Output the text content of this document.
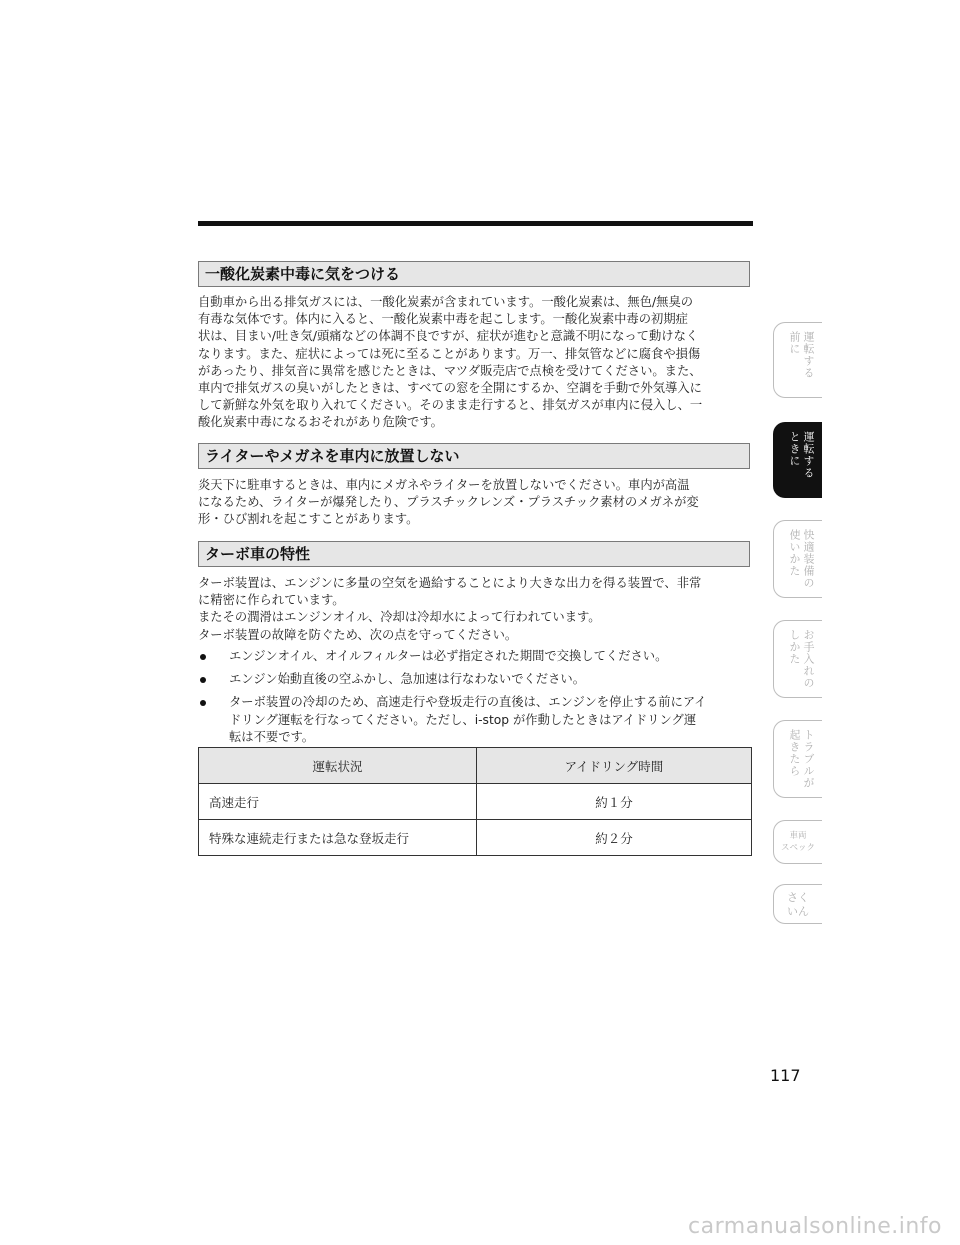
一酸化炭素中毒に気をつける

自動車から出る排気ガスには、一酸化炭素が含まれています。一酸化炭素は、無色/無臭の
有毒な気体です。体内に入ると、一酸化炭素中毒を起こします。一酸化炭素中毒の初期症
状は、目まい/吐き気/頭痛などの体調不良ですが、症状が進むと意識不明になって動けなく
なります。また、症状によっては死に至ることがあります。万一、排気管などに腐食や損傷
があったり、排気音に異常を感じたときは、マツダ販売店で点検を受けてください。また、
車内で排気ガスの臭いがしたときは、すべての窓を全開にするか、空調を手動で外気導入に
して新鮮な外気を取り入れてください。そのまま走行すると、排気ガスが車内に侵入し、一
酸化炭素中毒になるおそれがあり危険です。

ライターやメガネを車内に放置しない

炎天下に駐車するときは、車内にメガネやライターを放置しないでください。車内が高温
になるため、ライターが爆発したり、プラスチックレンズ・プラスチック素材のメガネが変
形・ひび割れを起こすことがあります。

ターボ車の特性

ターボ装置は、エンジンに多量の空気を過給することにより大きな出力を得る装置で、非常
に精密に作られています。
またその潤滑はエンジンオイル、冷却は冷却水によって行われています。
ターボ装置の故障を防ぐため、次の点を守ってください。

エンジンオイル、オイルフィルターは必ず指定された期間で交換してください。
エンジン始動直後の空ふかし、急加速は行なわないでください。
ターボ装置の冷却のため、高速走行や登坂走行の直後は、エンジンを停止する前にアイ
ドリング運転を行なってください。ただし、i-stop が作動したときはアイドリング運
転は不要です。
運転状況	アイドリング時間
高速走行	約１分
特殊な連続走行または急な登坂走行	約２分
運転する
前に
運転する
ときに
快適装備の
使いかた
お手入れの
しかた
トラブルが
起きたら
車両
スペック
さく
いん
117
carmanualsonline.info
